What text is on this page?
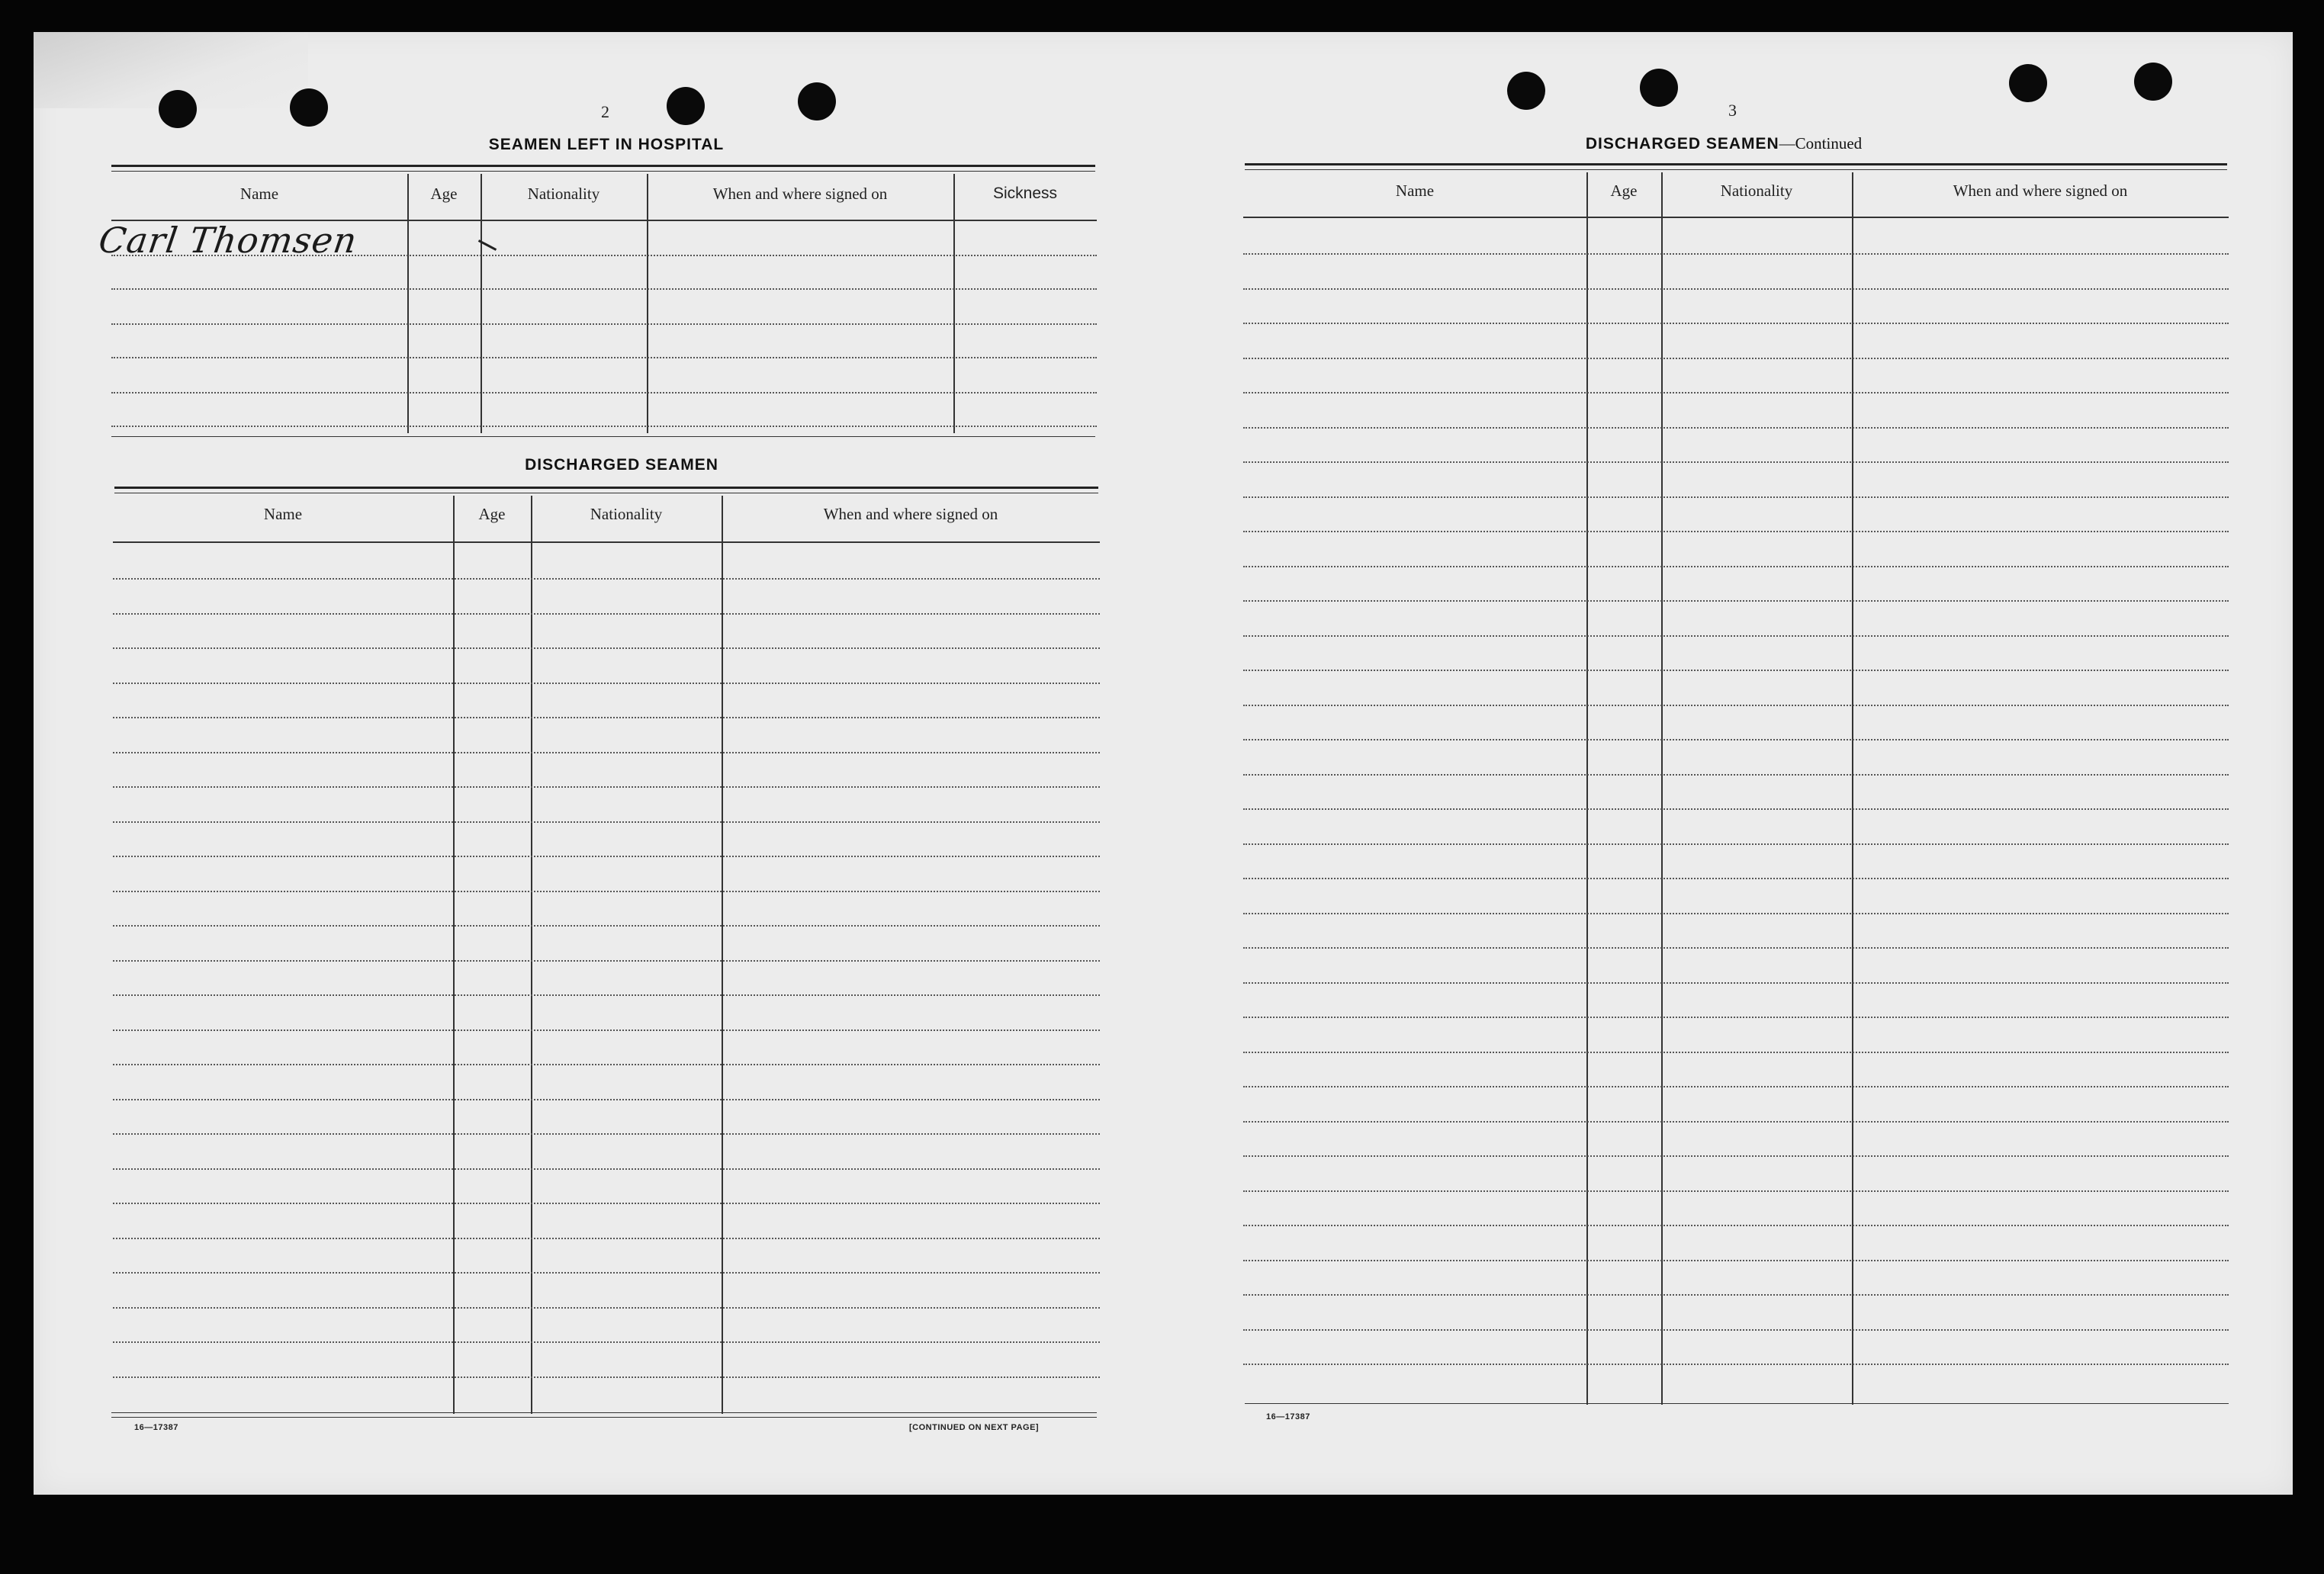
2
SEAMEN LEFT IN HOSPITAL
Name	Age	Nationality	When and where signed on	Sickness
Carl Thomsen
DISCHARGED SEAMEN
Name	Age	Nationality	When and where signed on
16—17387	[CONTINUED ON NEXT PAGE]
3
DISCHARGED SEAMEN—Continued
Name	Age	Nationality	When and where signed on
16—17387
